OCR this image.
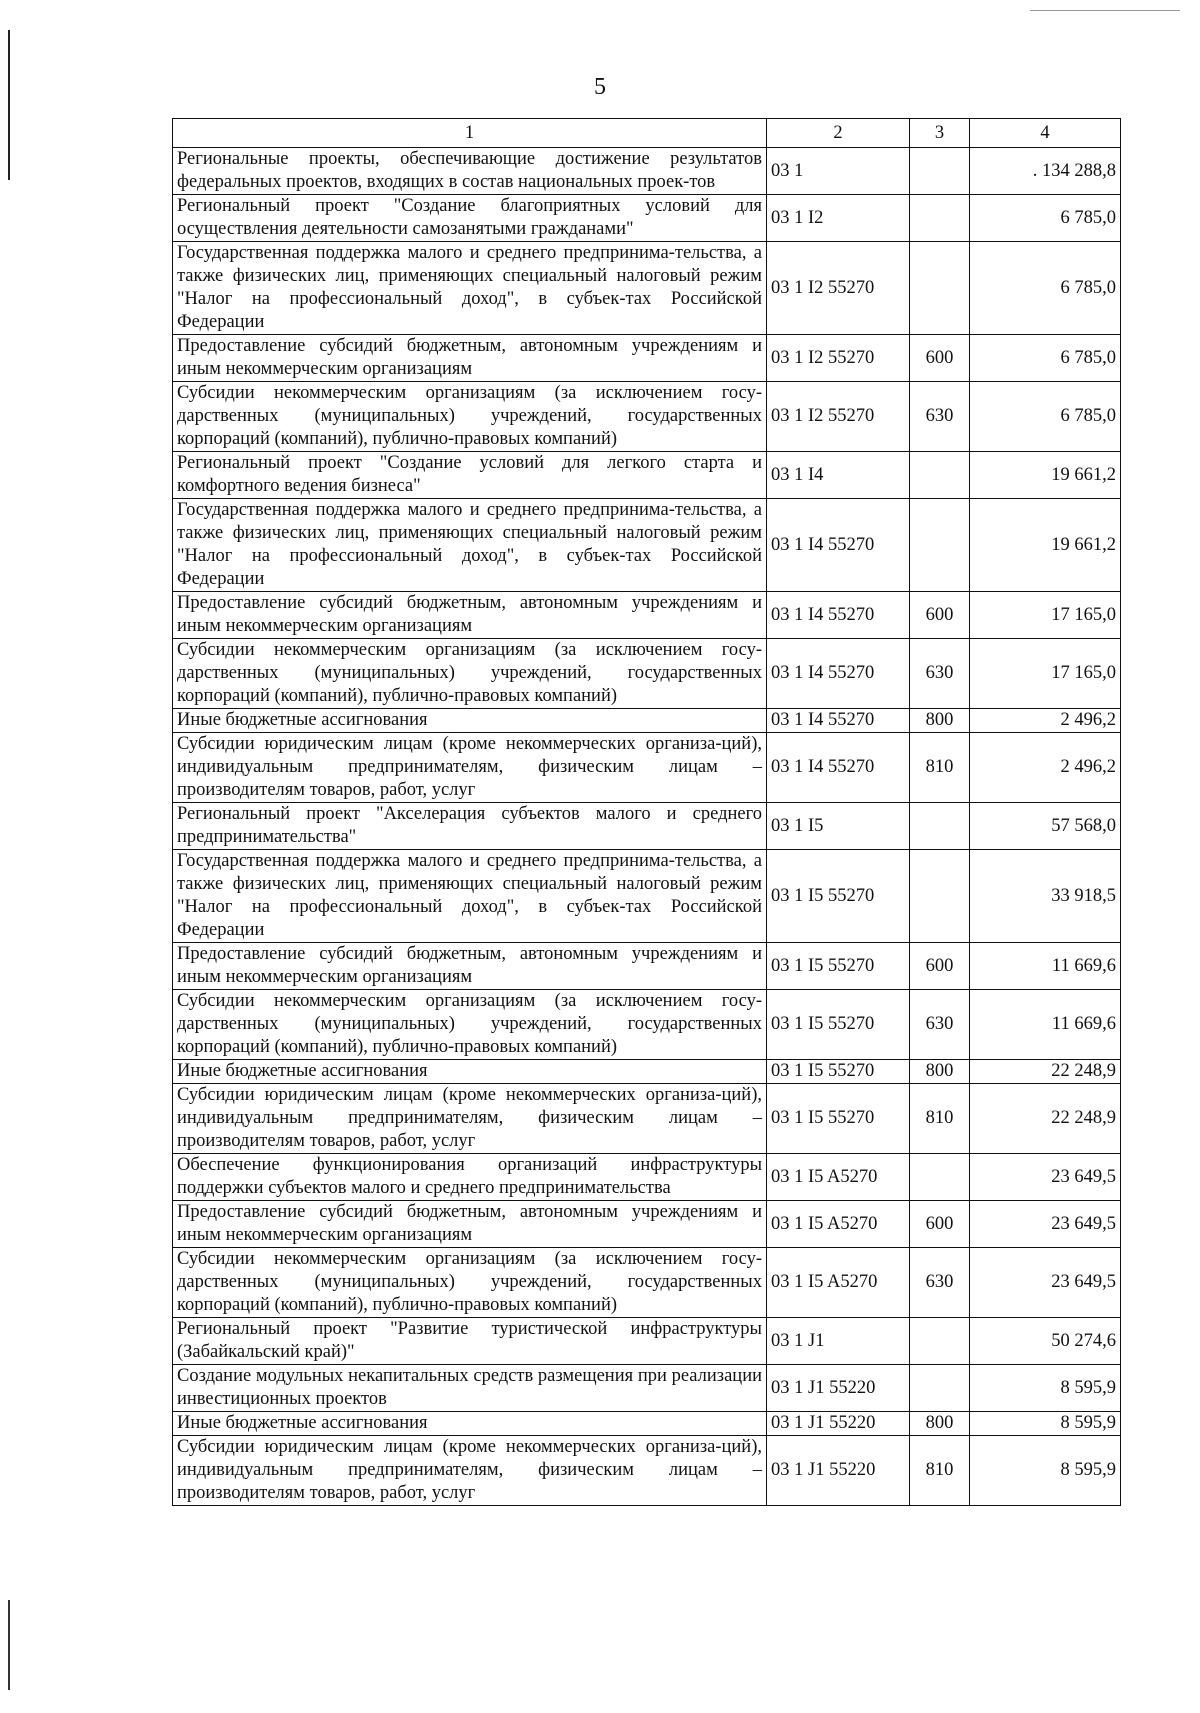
5
1	2	3	4
Региональные проекты, обеспечивающие достижение результатов федеральных проектов, входящих в состав национальных проек-тов	03 1		. 134 288,8
Региональный проект "Создание благоприятных условий для осуществления деятельности самозанятыми гражданами"	03 1 I2		6 785,0
Государственная поддержка малого и среднего предпринима-тельства, а также физических лиц, применяющих специальный налоговый режим "Налог на профессиональный доход", в субъек-тах Российской Федерации	03 1 I2 55270		6 785,0
Предоставление субсидий бюджетным, автономным учреждениям и иным некоммерческим организациям	03 1 I2 55270	600	6 785,0
Субсидии некоммерческим организациям (за исключением госу-дарственных (муниципальных) учреждений, государственных корпораций (компаний), публично-правовых компаний)	03 1 I2 55270	630	6 785,0
Региональный проект "Создание условий для легкого старта и комфортного ведения бизнеса"	03 1 I4		19 661,2
Государственная поддержка малого и среднего предпринима-тельства, а также физических лиц, применяющих специальный налоговый режим "Налог на профессиональный доход", в субъек-тах Российской Федерации	03 1 I4 55270		19 661,2
Предоставление субсидий бюджетным, автономным учреждениям и иным некоммерческим организациям	03 1 I4 55270	600	17 165,0
Субсидии некоммерческим организациям (за исключением госу-дарственных (муниципальных) учреждений, государственных корпораций (компаний), публично-правовых компаний)	03 1 I4 55270	630	17 165,0
Иные бюджетные ассигнования	03 1 I4 55270	800	2 496,2
Субсидии юридическим лицам (кроме некоммерческих организа-ций), индивидуальным предпринимателям, физическим лицам – производителям товаров, работ, услуг	03 1 I4 55270	810	2 496,2
Региональный проект "Акселерация субъектов малого и среднего предпринимательства"	03 1 I5		57 568,0
Государственная поддержка малого и среднего предпринима-тельства, а также физических лиц, применяющих специальный налоговый режим "Налог на профессиональный доход", в субъек-тах Российской Федерации	03 1 I5 55270		33 918,5
Предоставление субсидий бюджетным, автономным учреждениям и иным некоммерческим организациям	03 1 I5 55270	600	11 669,6
Субсидии некоммерческим организациям (за исключением госу-дарственных (муниципальных) учреждений, государственных корпораций (компаний), публично-правовых компаний)	03 1 I5 55270	630	11 669,6
Иные бюджетные ассигнования	03 1 I5 55270	800	22 248,9
Субсидии юридическим лицам (кроме некоммерческих организа-ций), индивидуальным предпринимателям, физическим лицам – производителям товаров, работ, услуг	03 1 I5 55270	810	22 248,9
Обеспечение функционирования организаций инфраструктуры поддержки субъектов малого и среднего предпринимательства	03 1 I5 A5270		23 649,5
Предоставление субсидий бюджетным, автономным учреждениям и иным некоммерческим организациям	03 1 I5 A5270	600	23 649,5
Субсидии некоммерческим организациям (за исключением госу-дарственных (муниципальных) учреждений, государственных корпораций (компаний), публично-правовых компаний)	03 1 I5 A5270	630	23 649,5
Региональный проект "Развитие туристической инфраструктуры (Забайкальский край)"	03 1 J1		50 274,6
Создание модульных некапитальных средств размещения при реализации инвестиционных проектов	03 1 J1 55220		8 595,9
Иные бюджетные ассигнования	03 1 J1 55220	800	8 595,9
Субсидии юридическим лицам (кроме некоммерческих организа-ций), индивидуальным предпринимателям, физическим лицам – производителям товаров, работ, услуг	03 1 J1 55220	810	8 595,9
